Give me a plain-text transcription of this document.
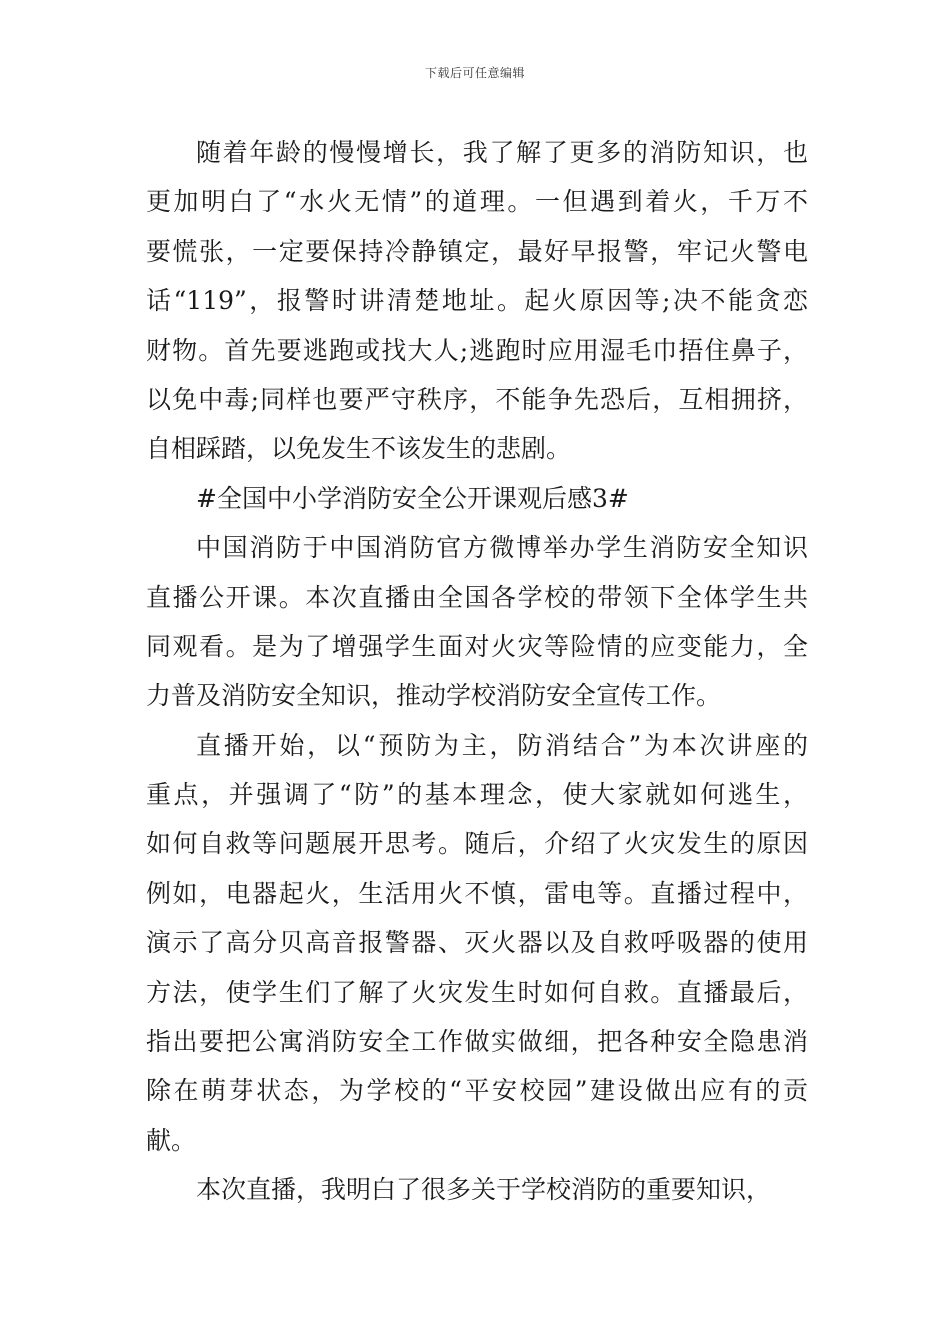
下载后可任意编辑
随着年龄的慢慢增长，我了解了更多的消防知识，也
更加明白了“水火无情”的道理。一但遇到着火，千万不
要慌张，一定要保持冷静镇定，最好早报警，牢记火警电
话“119”，报警时讲清楚地址。起火原因等;决不能贪恋
财物。首先要逃跑或找大人;逃跑时应用湿毛巾捂住鼻子，
以免中毒;同样也要严守秩序，不能争先恐后，互相拥挤，
自相踩踏，以免发生不该发生的悲剧。
#全国中小学消防安全公开课观后感3#
中国消防于中国消防官方微博举办学生消防安全知识
直播公开课。本次直播由全国各学校的带领下全体学生共
同观看。是为了增强学生面对火灾等险情的应变能力，全
力普及消防安全知识，推动学校消防安全宣传工作。
直播开始，以“预防为主，防消结合”为本次讲座的
重点，并强调了“防”的基本理念，使大家就如何逃生，
如何自救等问题展开思考。随后，介绍了火灾发生的原因
例如，电器起火，生活用火不慎，雷电等。直播过程中，
演示了高分贝高音报警器、灭火器以及自救呼吸器的使用
方法，使学生们了解了火灾发生时如何自救。直播最后，
指出要把公寓消防安全工作做实做细，把各种安全隐患消
除在萌芽状态，为学校的“平安校园”建设做出应有的贡
献。
本次直播，我明白了很多关于学校消防的重要知识，
